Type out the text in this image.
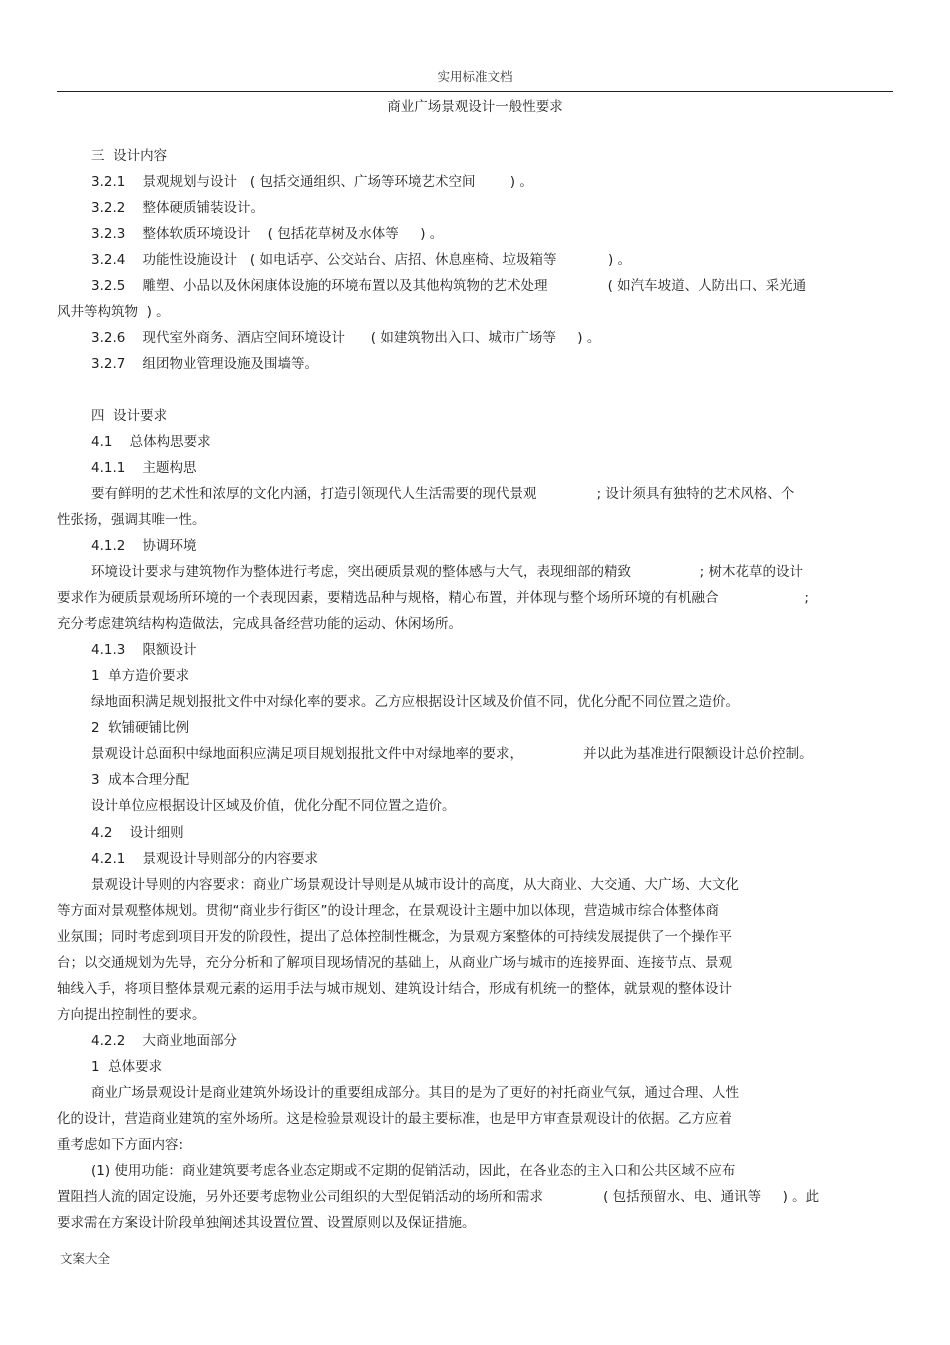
实用标准文档
商业广场景观设计一般性要求
三  设计内容
3.2.1    景观规划与设计   ( 包括交通组织、广场等环境艺术空间        ) 。
3.2.2    整体硬质铺装设计。
3.2.3    整体软质环境设计    ( 包括花草树及水体等     ) 。
3.2.4    功能性设施设计   ( 如电话亭、公交站台、店招、休息座椅、垃圾箱等            ) 。
3.2.5    雕塑、小品以及休闲康体设施的环境布置以及其他构筑物的艺术处理              ( 如汽车坡道、人防出口、采光通
风井等构筑物  ) 。
3.2.6    现代室外商务、酒店空间环境设计      ( 如建筑物出入口、城市广场等     ) 。
3.2.7    组团物业管理设施及围墙等。
四  设计要求
4.1    总体构思要求
4.1.1    主题构思
要有鲜明的艺术性和浓厚的文化内涵，打造引领现代人生活需要的现代景观              ; 设计须具有独特的艺术风格、个
性张扬，强调其唯一性。
4.1.2    协调环境
环境设计要求与建筑物作为整体进行考虑，突出硬质景观的整体感与大气，表现细部的精致                ; 树木花草的设计
要求作为硬质景观场所环境的一个表现因素，要精选品种与规格，精心布置，并体现与整个场所环境的有机融合                    ;
充分考虑建筑结构构造做法，完成具备经营功能的运动、休闲场所。
4.1.3    限额设计
1  单方造价要求
绿地面积满足规划报批文件中对绿化率的要求。乙方应根据设计区域及价值不同，优化分配不同位置之造价。
2  软铺硬铺比例
景观设计总面积中绿地面积应满足项目规划报批文件中对绿地率的要求，              并以此为基准进行限额设计总价控制。
3  成本合理分配
设计单位应根据设计区域及价值，优化分配不同位置之造价。
4.2    设计细则
4.2.1    景观设计导则部分的内容要求
景观设计导则的内容要求：商业广场景观设计导则是从城市设计的高度，从大商业、大交通、大广场、大文化
等方面对景观整体规划。贯彻“商业步行街区”的设计理念，在景观设计主题中加以体现，营造城市综合体整体商
业氛围；同时考虑到项目开发的阶段性，提出了总体控制性概念，为景观方案整体的可持续发展提供了一个操作平
台；以交通规划为先导，充分分析和了解项目现场情况的基础上，从商业广场与城市的连接界面、连接节点、景观
轴线入手，将项目整体景观元素的运用手法与城市规划、建筑设计结合，形成有机统一的整体，就景观的整体设计
方向提出控制性的要求。
4.2.2    大商业地面部分
1  总体要求
商业广场景观设计是商业建筑外场设计的重要组成部分。其目的是为了更好的衬托商业气氛，通过合理、人性
化的设计，营造商业建筑的室外场所。这是检验景观设计的最主要标准，也是甲方审查景观设计的依据。乙方应着
重考虑如下方面内容:
(1) 使用功能：商业建筑要考虑各业态定期或不定期的促销活动，因此，在各业态的主入口和公共区域不应布
置阻挡人流的固定设施，另外还要考虑物业公司组织的大型促销活动的场所和需求              ( 包括预留水、电、通讯等     ) 。此
要求需在方案设计阶段单独阐述其设置位置、设置原则以及保证措施。
文案大全
